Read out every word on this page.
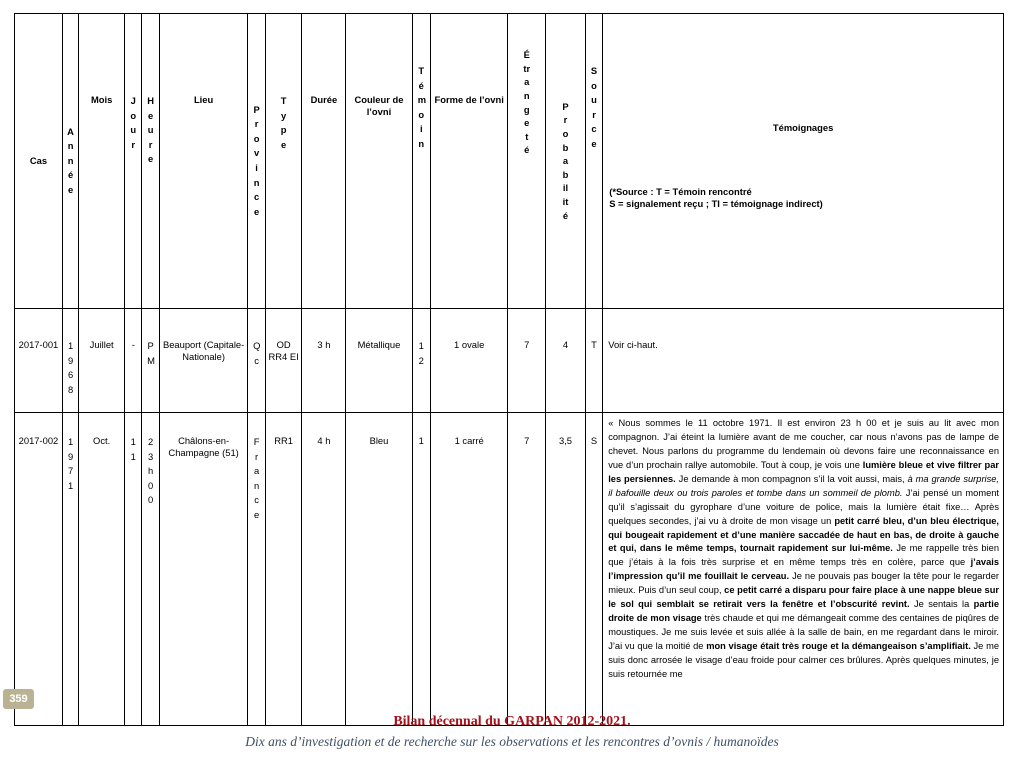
Cas	Année	Mois	Jour	Heure	Lieu	Province	Type	Durée	Couleur de l’ovni	Témoin	Forme de l’ovni	Étrangeté	Probabilité	Source	Témoignages
(*Source : T = Témoin rencontré
S = signalement reçu ; TI = témoignage indirect)

2017-001	1968	Juillet	-	PM	Beauport (Capitale-Nationale)	Qc	OD RR4 EI	3 h	Métallique	12	1 ovale	7	4	T	Voir ci-haut.
2017-002	1971	Oct.	11	23h00	Châlons-en-Champagne (51)	France	RR1	4 h	Bleu	1	1 carré	7	3,5	S	« Nous sommes le 11 octobre 1971. Il est environ 23 h 00 et je suis au lit avec mon compagnon. J’ai éteint la lumière avant de me coucher, car nous n’avons pas de lampe de chevet. Nous parlons du programme du lendemain où devons faire une reconnaissance en vue d’un prochain rallye automobile. Tout à coup, je vois une lumière bleue et vive filtrer par les persiennes. Je demande à mon compagnon s’il la voit aussi, mais, à ma grande surprise, il bafouille deux ou trois paroles et tombe dans un sommeil de plomb. J’ai pensé un moment qu’il s’agissait du gyrophare d’une voiture de police, mais la lumière était fixe… Après quelques secondes, j’ai vu à droite de mon visage un petit carré bleu, d’un bleu électrique, qui bougeait rapidement et d’une manière saccadée de haut en bas, de droite à gauche et qui, dans le même temps, tournait rapidement sur lui-même. Je me rappelle très bien que j’étais à la fois très surprise et en même temps très en colère, parce que j’avais l’impression qu’il me fouillait le cerveau. Je ne pouvais pas bouger la tête pour le regarder mieux. Puis d’un seul coup, ce petit carré a disparu pour faire place à une nappe bleue sur le sol qui semblait se retirait vers la fenêtre et l’obscurité revint. Je sentais la partie droite de mon visage très chaude et qui me démangeait comme des centaines de piqûres de moustiques. Je me suis levée et suis allée à la salle de bain, en me regardant dans le miroir. J’ai vu que la moitié de mon visage était très rouge et la démangeaison s’amplifiait. Je me suis donc arrosée le visage d’eau froide pour calmer ces brûlures. Après quelques minutes, je suis retournée me
359
Bilan décennal du GARPAN 2012-2021.
Dix ans d’investigation et de recherche sur les observations et les rencontres d’ovnis / humanoïdes
